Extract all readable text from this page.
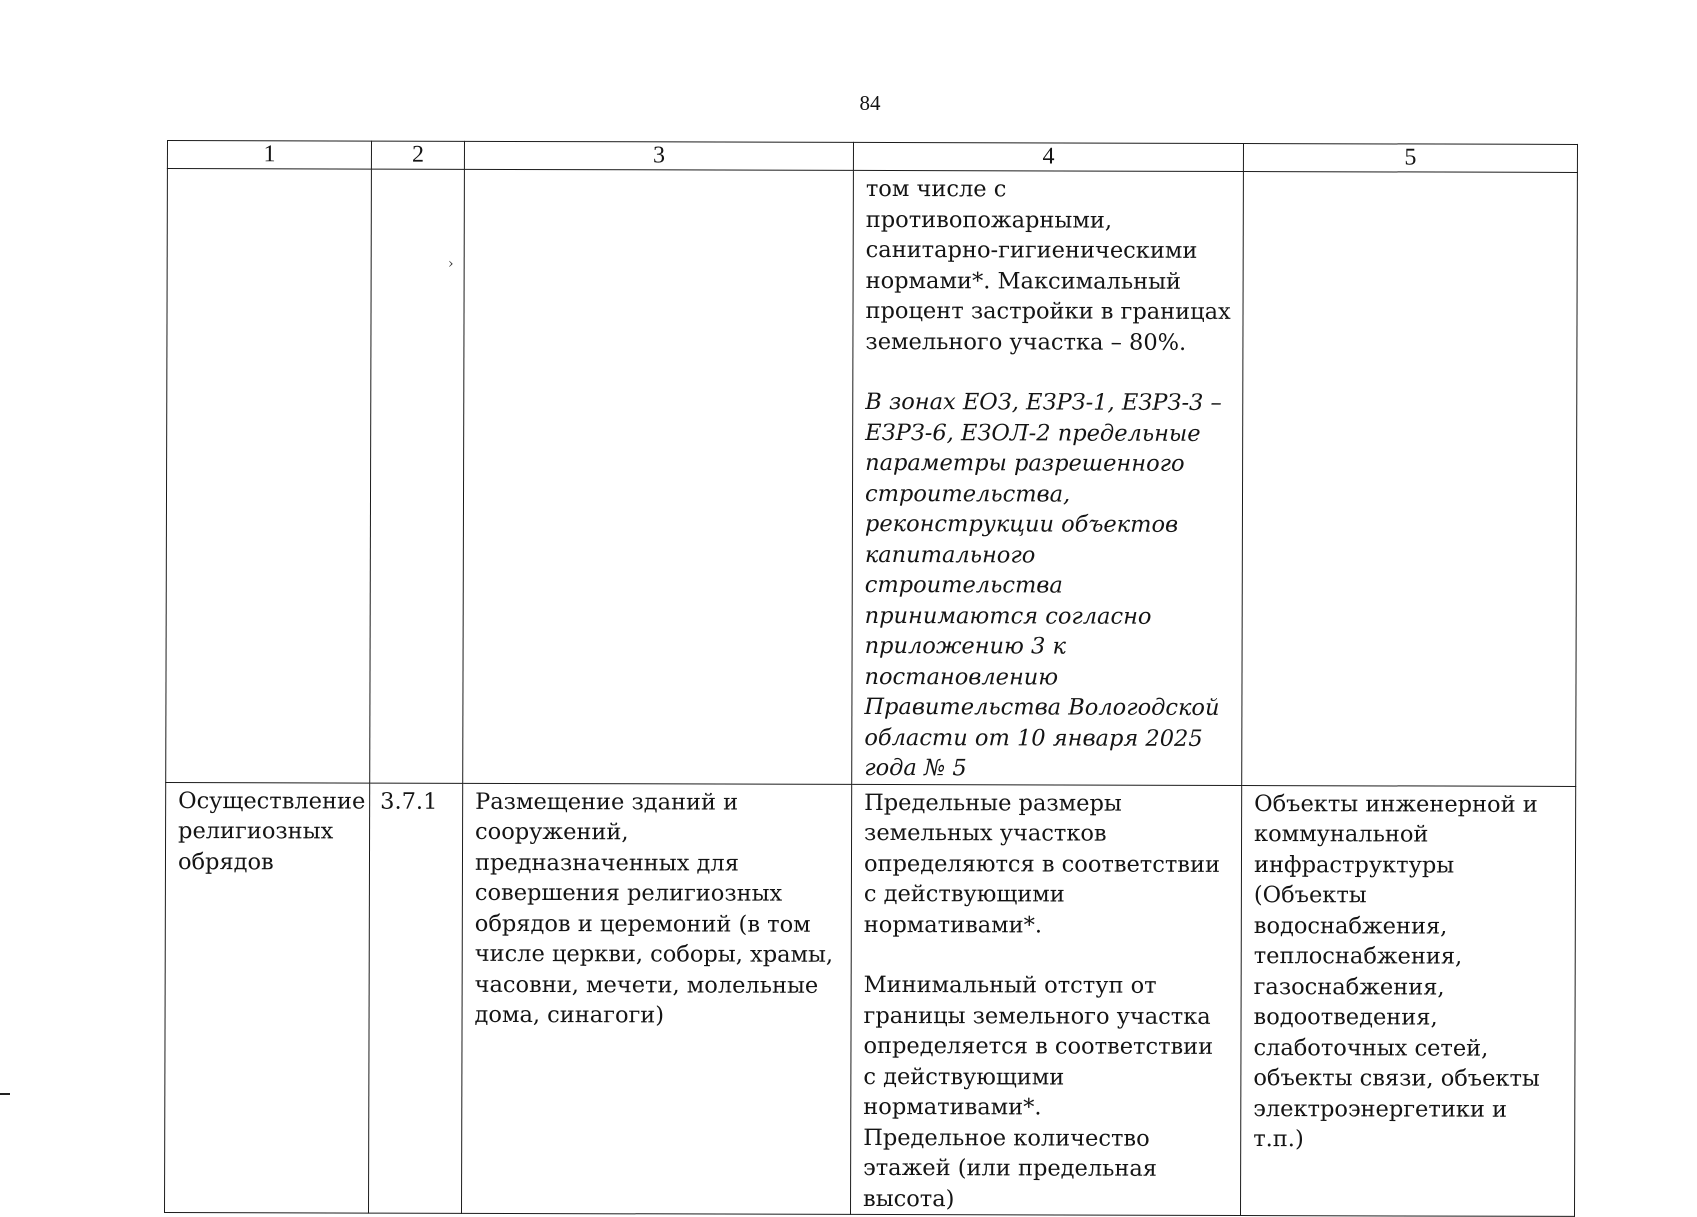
84
1	2	3	4	5

			том числе с противопожарными, санитарно-гигиеническими нормами*. Максимальный процент застройки в границах земельного участка – 80%.
В зонах ЕОЗ, ЕЗРЗ-1, ЕЗРЗ-3 – ЕЗРЗ-6, ЕЗОЛ-2 предельные параметры разрешенного строительства, реконструкции объектов капитального строительства принимаются согласно приложению 3 к постановлению Правительства Вологодской области от 10 января 2025 года № 5	

Осуществление религиозных обрядов	3.7.1	Размещение зданий и сооружений, предназначенных для совершения религиозных обрядов и церемоний (в том числе церкви, соборы, храмы, часовни, мечети, молельные дома, синагоги)	Предельные размеры земельных участков определяются в соответствии с действующими нормативами*.
Минимальный отступ от границы земельного участка определяется в соответствии с действующими нормативами*.
Предельное количество этажей (или предельная высота)	Объекты инженерной и коммунальной инфраструктуры (Объекты водоснабжения, теплоснабжения, газоснабжения, водоотведения, слаботочных сетей, объекты связи, объекты электроэнергетики и т.п.)
›
